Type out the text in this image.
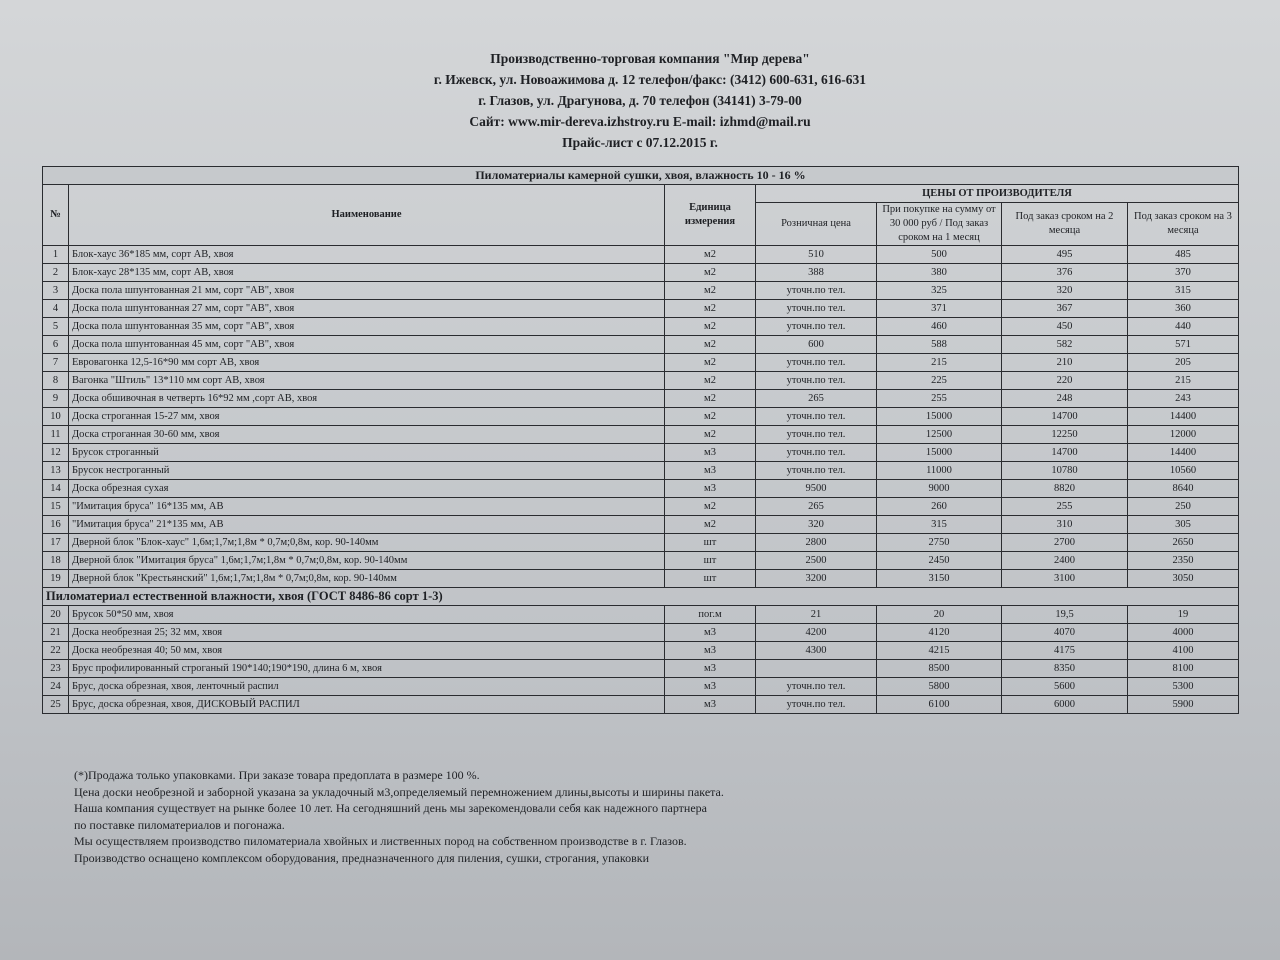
Производственно-торговая компания "Мир дерева"
г. Ижевск, ул. Новоажимова д. 12 телефон/факс: (3412) 600-631, 616-631
г. Глазов, ул. Драгунова, д. 70 телефон (34141) 3-79-00
Сайт: www.mir-dereva.izhstroy.ru E-mail: izhmd@mail.ru
Прайс-лист с 07.12.2015 г.
Пиломатериалы камерной сушки, хвоя, влажность 10 - 16 %						
№	Наименование	Единица измерения	ЦЕНЫ ОТ ПРОИЗВОДИТЕЛЯ			
			Розничная цена	При покупке на сумму от 30 000 руб / Под заказ сроком на 1 месяц	Под заказ сроком на 2 месяца	Под заказ сроком на 3 месяца
1	Блок-хаус 36*185 мм, сорт АВ, хвоя	м2	510	500	495	485
2	Блок-хаус 28*135 мм, сорт АВ, хвоя	м2	388	380	376	370
3	Доска пола шпунтованная 21 мм, сорт "АВ", хвоя	м2	уточн.по тел.	325	320	315
4	Доска пола шпунтованная 27 мм, сорт "АВ", хвоя	м2	уточн.по тел.	371	367	360
5	Доска пола шпунтованная 35 мм, сорт "АВ", хвоя	м2	уточн.по тел.	460	450	440
6	Доска пола шпунтованная 45 мм, сорт "АВ", хвоя	м2	600	588	582	571
7	Евровагонка 12,5-16*90 мм сорт АВ, хвоя	м2	уточн.по тел.	215	210	205
8	Вагонка "Штиль" 13*110 мм сорт АВ, хвоя	м2	уточн.по тел.	225	220	215
9	Доска обшивочная в четверть 16*92 мм ,сорт АВ, хвоя	м2	265	255	248	243
10	Доска строганная 15-27 мм, хвоя	м2	уточн.по тел.	15000	14700	14400
11	Доска строганная 30-60 мм, хвоя	м2	уточн.по тел.	12500	12250	12000
12	Брусок строганный	м3	уточн.по тел.	15000	14700	14400
13	Брусок нестроганный	м3	уточн.по тел.	11000	10780	10560
14	Доска обрезная сухая	м3	9500	9000	8820	8640
15	"Имитация бруса" 16*135 мм, АВ	м2	265	260	255	250
16	"Имитация бруса" 21*135 мм, АВ	м2	320	315	310	305
17	Дверной блок "Блок-хаус" 1,6м;1,7м;1,8м * 0,7м;0,8м, кор. 90-140мм	шт	2800	2750	2700	2650
18	Дверной блок "Имитация бруса" 1,6м;1,7м;1,8м * 0,7м;0,8м, кор. 90-140мм	шт	2500	2450	2400	2350
19	Дверной блок "Крестьянский" 1,6м;1,7м;1,8м * 0,7м;0,8м, кор. 90-140мм	шт	3200	3150	3100	3050
Пиломатериал естественной влажности, хвоя (ГОСТ 8486-86 сорт 1-3)						
20	Брусок 50*50 мм, хвоя	пог.м	21	20	19,5	19
21	Доска необрезная 25; 32 мм, хвоя	м3	4200	4120	4070	4000
22	Доска необрезная 40; 50 мм, хвоя	м3	4300	4215	4175	4100
23	Брус профилированный строганый 190*140;190*190, длина 6 м, хвоя	м3		8500	8350	8100
24	Брус, доска обрезная, хвоя, ленточный распил	м3	уточн.по тел.	5800	5600	5300
25	Брус, доска обрезная, хвоя, ДИСКОВЫЙ РАСПИЛ	м3	уточн.по тел.	6100	6000	5900
(*)Продажа только упаковками. При заказе товара предоплата в размере 100 %.
Цена доски необрезной и заборной указана за укладочный м3,определяемый перемножением длины,высоты и ширины пакета.
Наша компания существует на рынке более 10 лет. На сегодняшний день мы зарекомендовали себя как надежного партнера
по поставке пиломатериалов и погонажа.
Мы осуществляем производство пиломатериала хвойных и лиственных пород на собственном производстве в г. Глазов.
Производство оснащено комплексом оборудования, предназначенного для пиления, сушки, строгания, упаковки
